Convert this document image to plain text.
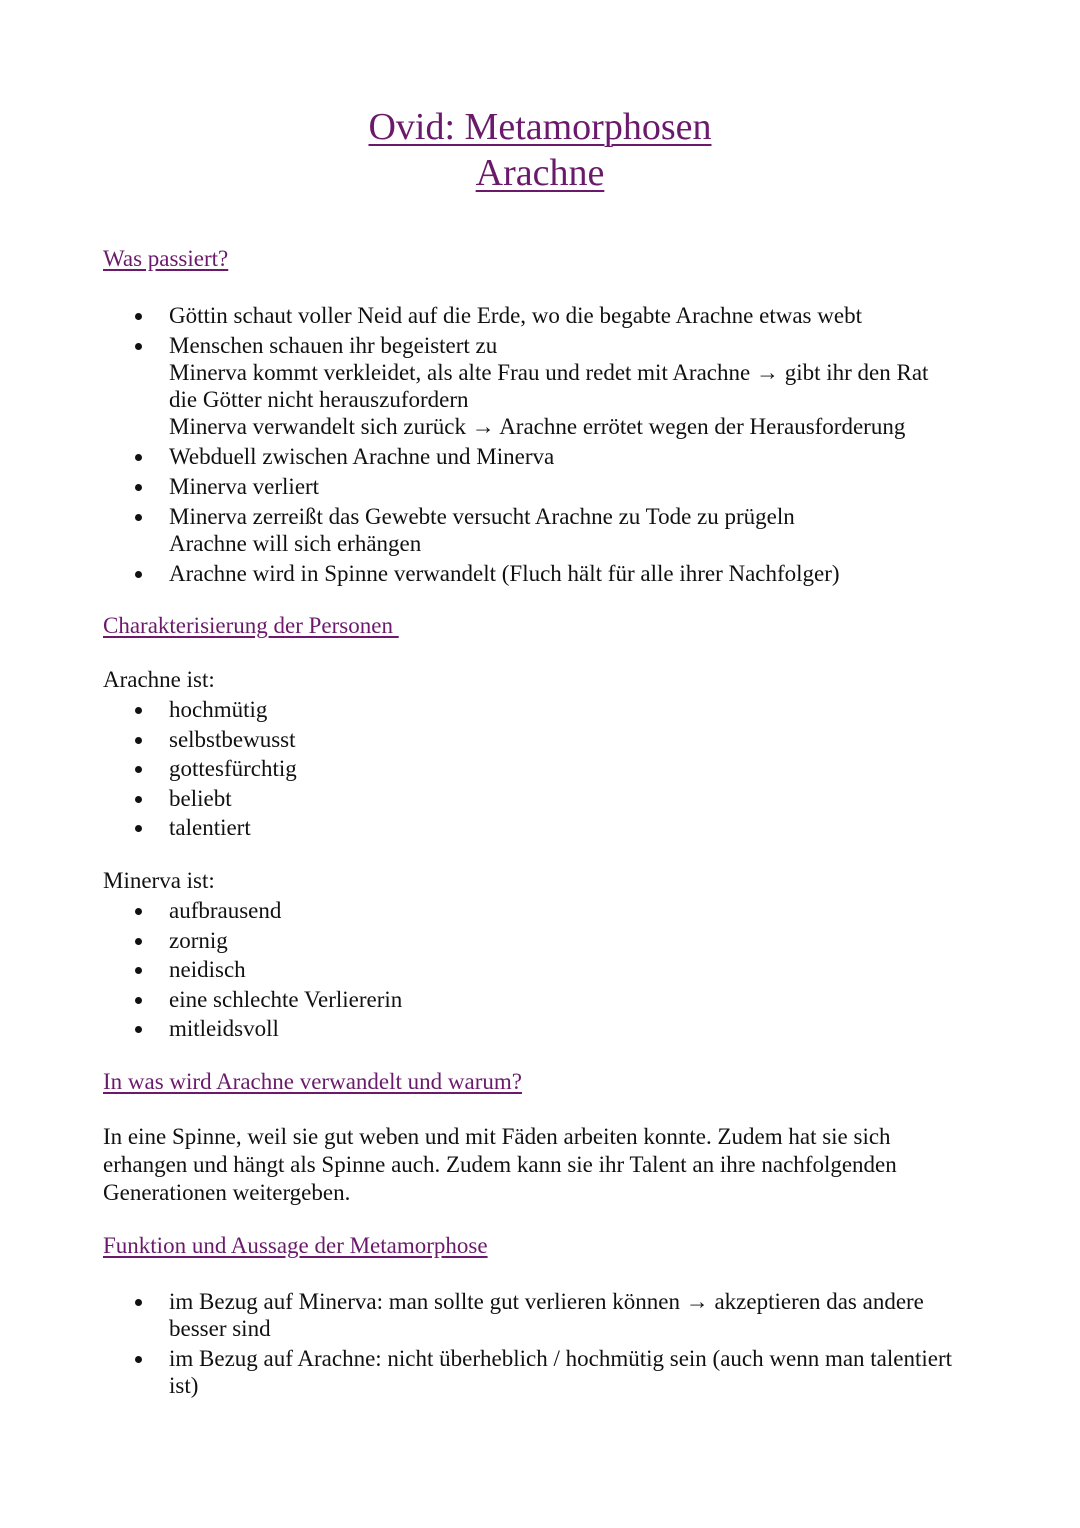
Ovid: Metamorphosen
Arachne

Was passiert?

Göttin schaut voller Neid auf die Erde, wo die begabte Arachne etwas webt
Menschen schauen ihr begeistert zu
Minerva kommt verkleidet, als alte Frau und redet mit Arachne → gibt ihr den Rat
die Götter nicht herauszufordern
Minerva verwandelt sich zurück → Arachne errötet wegen der Herausforderung
Webduell zwischen Arachne und Minerva
Minerva verliert
Minerva zerreißt das Gewebte versucht Arachne zu Tode zu prügeln
Arachne will sich erhängen
Arachne wird in Spinne verwandelt (Fluch hält für alle ihrer Nachfolger)

Charakterisierung der Personen

Arachne ist:

hochmütig
selbstbewusst
gottesfürchtig
beliebt
talentiert

Minerva ist:

aufbrausend
zornig
neidisch
eine schlechte Verliererin
mitleidsvoll

In was wird Arachne verwandelt und warum?

In eine Spinne, weil sie gut weben und mit Fäden arbeiten konnte. Zudem hat sie sich
erhangen und hängt als Spinne auch. Zudem kann sie ihr Talent an ihre nachfolgenden
Generationen weitergeben.

Funktion und Aussage der Metamorphose

im Bezug auf Minerva: man sollte gut verlieren können → akzeptieren das andere
besser sind
im Bezug auf Arachne: nicht überheblich / hochmütig sein (auch wenn man talentiert
ist)
